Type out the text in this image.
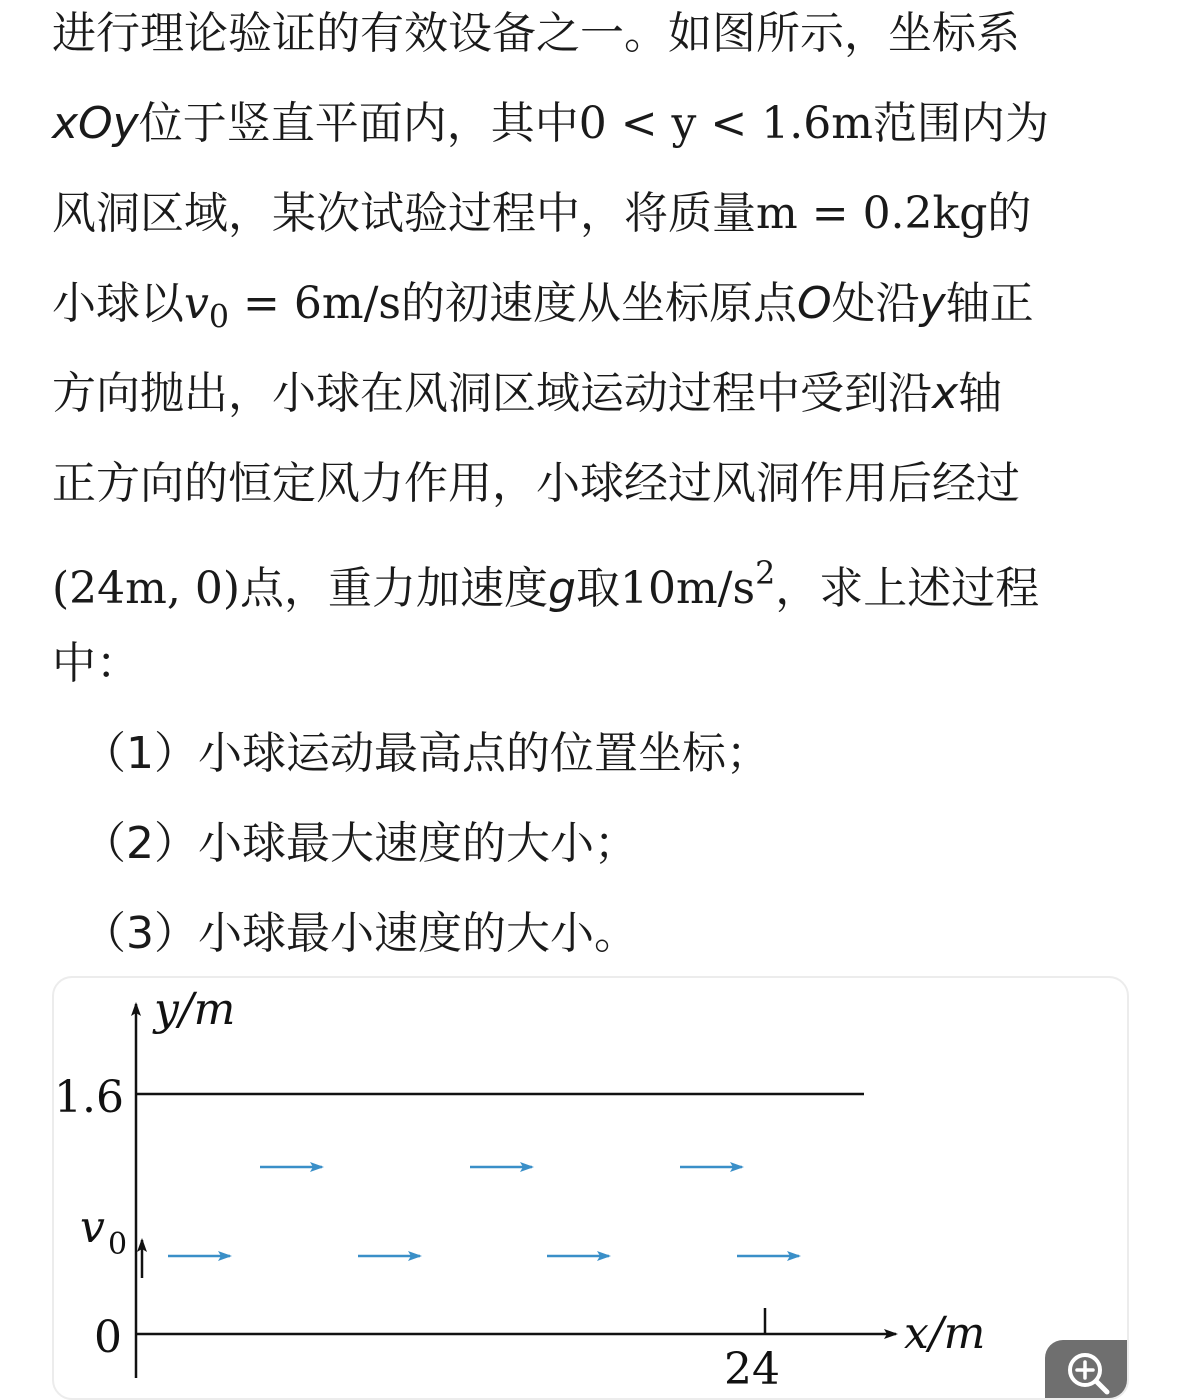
进行理论验证的有效设备之一。如图所示，坐标系
xOy位于竖直平面内，其中0 < y < 1.6m范围内为
风洞区域，某次试验过程中，将质量m = 0.2kg的
小球以$v_0 = 6m/s$的初速度从坐标原点O处沿y轴正
方向抛出，小球在风洞区域运动过程中受到沿x轴
正方向的恒定风力作用，小球经过风洞作用后经过
(24m, 0)点，重力加速度g取$10m/s^2$，求上述过程
中：
（1）小球运动最高点的位置坐标；
（2）小球最大速度的大小；
（3）小球最小速度的大小。
y/m
x/m
1.6
v 0
0
24
